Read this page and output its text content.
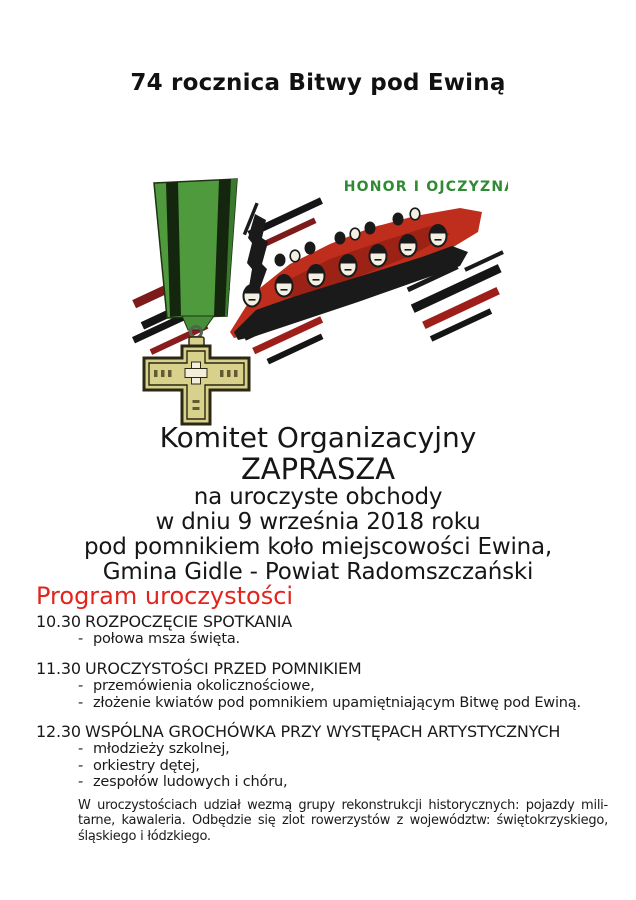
74 rocznica Bitwy pod Ewiną
HONOR I OJCZYZNA
Komitet Organizacyjny
ZAPRASZA
na uroczyste obchody
w dniu 9 września 2018 roku
pod pomnikiem koło miejscowości Ewina,
Gmina Gidle - Powiat Radomszczański
Program uroczystości
10.30 ROZPOCZĘCIE SPOTKANIA
- połowa msza święta.
11.30 UROCZYSTOŚCI PRZED POMNIKIEM
- przemówienia okolicznościowe,
- złożenie kwiatów pod pomnikiem upamiętniającym Bitwę pod Ewiną.
12.30 WSPÓLNA GROCHÓWKA PRZY WYSTĘPACH ARTYSTYCZNYCH
- młodzieży szkolnej,
- orkiestry dętej,
- zespołów ludowych i chóru,
W uroczystościach udział wezmą grupy rekonstrukcji historycznych: pojazdy mili-
tarne, kawaleria. Odbędzie się zlot rowerzystów z województw: świętokrzyskiego,
śląskiego i łódzkiego.
